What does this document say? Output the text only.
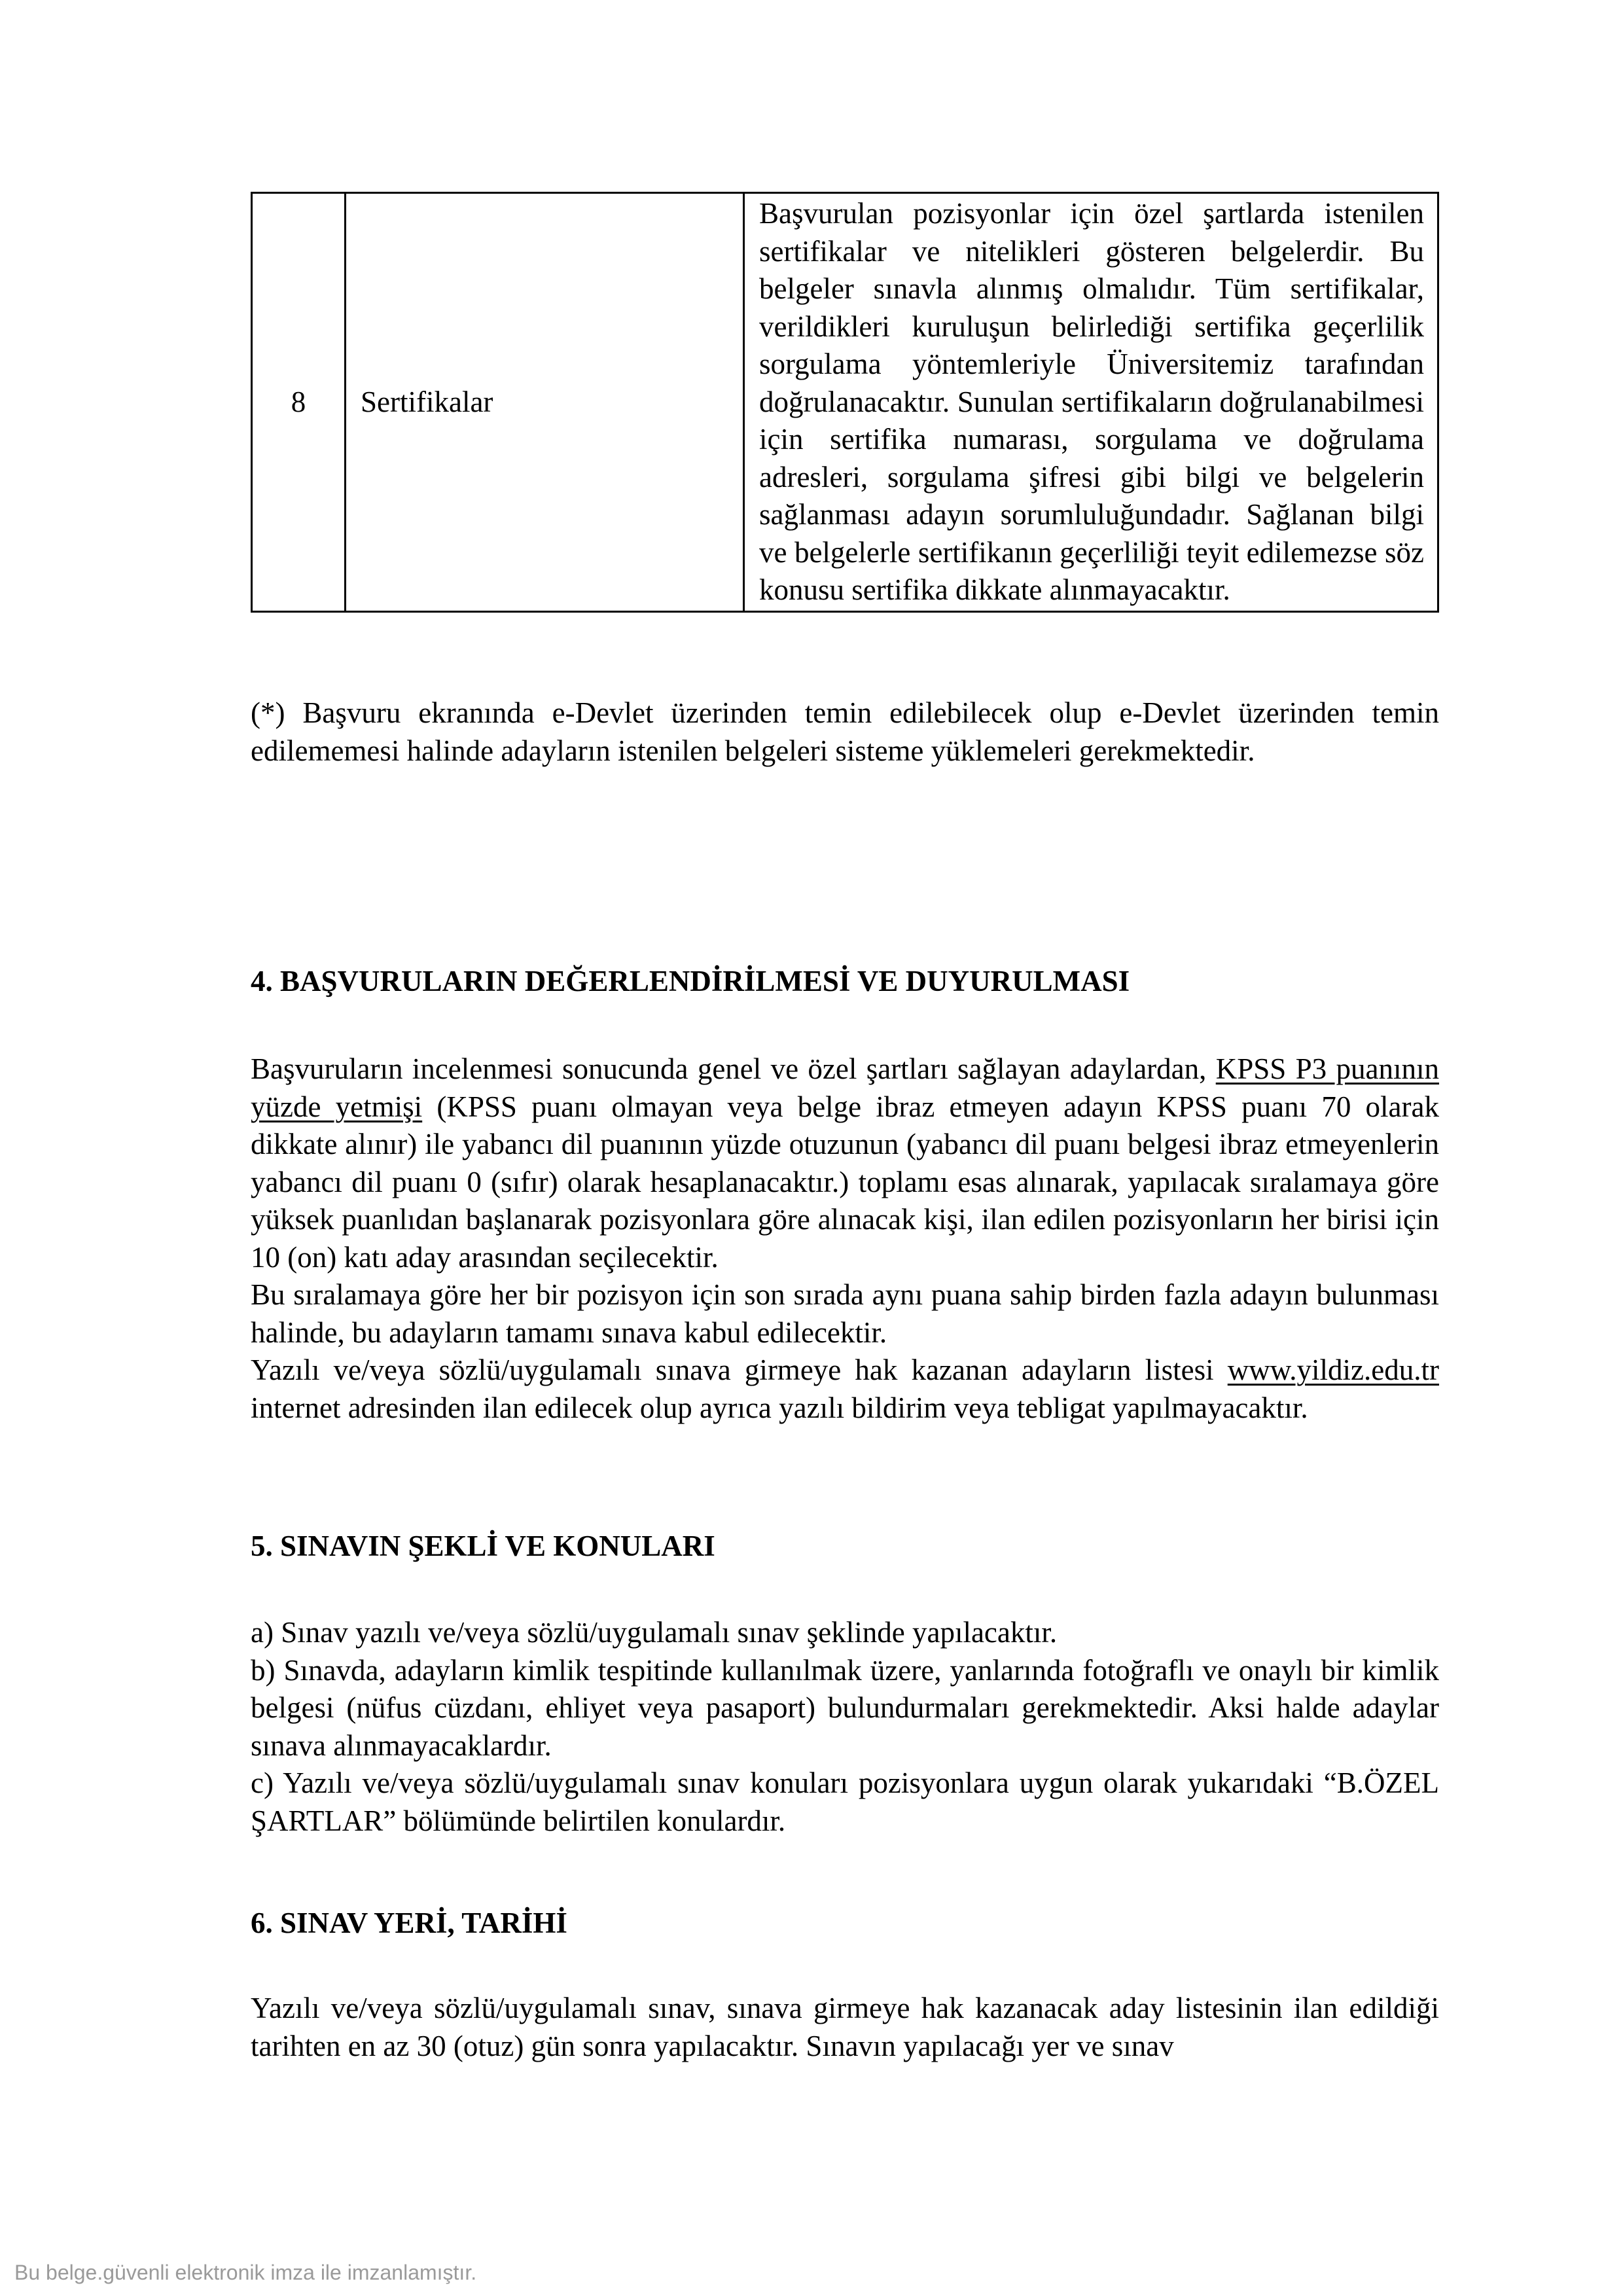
8	Sertifikalar	Başvurulan pozisyonlar için özel şartlarda istenilen sertifikalar ve nitelikleri gösteren belgelerdir. Bu belgeler sınavla alınmış olmalıdır. Tüm sertifikalar, verildikleri kuruluşun belirlediği sertifika geçerlilik sorgulama yöntemleriyle Üniversitemiz tarafından doğrulanacaktır. Sunulan sertifikaların doğrulanabilmesi için sertifika numarası, sorgulama ve doğrulama adresleri, sorgulama şifresi gibi bilgi ve belgelerin sağlanması adayın sorumluluğundadır. Sağlanan bilgi ve belgelerle sertifikanın geçerliliği teyit edilemezse söz konusu sertifika dikkate alınmayacaktır.

(*) Başvuru ekranında e-Devlet üzerinden temin edilebilecek olup e-Devlet üzerinden temin edilememesi halinde adayların istenilen belgeleri sisteme yüklemeleri gerekmektedir.

4. BAŞVURULARIN DEĞERLENDİRİLMESİ VE DUYURULMASI

Başvuruların incelenmesi sonucunda genel ve özel şartları sağlayan adaylardan, KPSS P3 puanının yüzde yetmişi (KPSS puanı olmayan veya belge ibraz etmeyen adayın KPSS puanı 70 olarak dikkate alınır) ile yabancı dil puanının yüzde otuzunun (yabancı dil puanı belgesi ibraz etmeyenlerin yabancı dil puanı 0 (sıfır) olarak hesaplanacaktır.) toplamı esas alınarak, yapılacak sıralamaya göre yüksek puanlıdan başlanarak pozisyonlara göre alınacak kişi, ilan edilen pozisyonların her birisi için 10 (on) katı aday arasından seçilecektir.

Bu sıralamaya göre her bir pozisyon için son sırada aynı puana sahip birden fazla adayın bulunması halinde, bu adayların tamamı sınava kabul edilecektir.

Yazılı ve/veya sözlü/uygulamalı sınava girmeye hak kazanan adayların listesi www.yildiz.edu.tr internet adresinden ilan edilecek olup ayrıca yazılı bildirim veya tebligat yapılmayacaktır.

5. SINAVIN ŞEKLİ VE KONULARI

a) Sınav yazılı ve/veya sözlü/uygulamalı sınav şeklinde yapılacaktır.

b) Sınavda, adayların kimlik tespitinde kullanılmak üzere, yanlarında fotoğraflı ve onaylı bir kimlik belgesi (nüfus cüzdanı, ehliyet veya pasaport) bulundurmaları gerekmektedir. Aksi halde adaylar sınava alınmayacaklardır.

c) Yazılı ve/veya sözlü/uygulamalı sınav konuları pozisyonlara uygun olarak yukarıdaki “B.ÖZEL ŞARTLAR” bölümünde belirtilen konulardır.

6. SINAV YERİ, TARİHİ

Yazılı ve/veya sözlü/uygulamalı sınav, sınava girmeye hak kazanacak aday listesinin ilan edildiği tarihten en az 30 (otuz) gün sonra yapılacaktır. Sınavın yapılacağı yer ve sınav

Bu belge.güvenli elektronik imza ile imzanlamıştır.
